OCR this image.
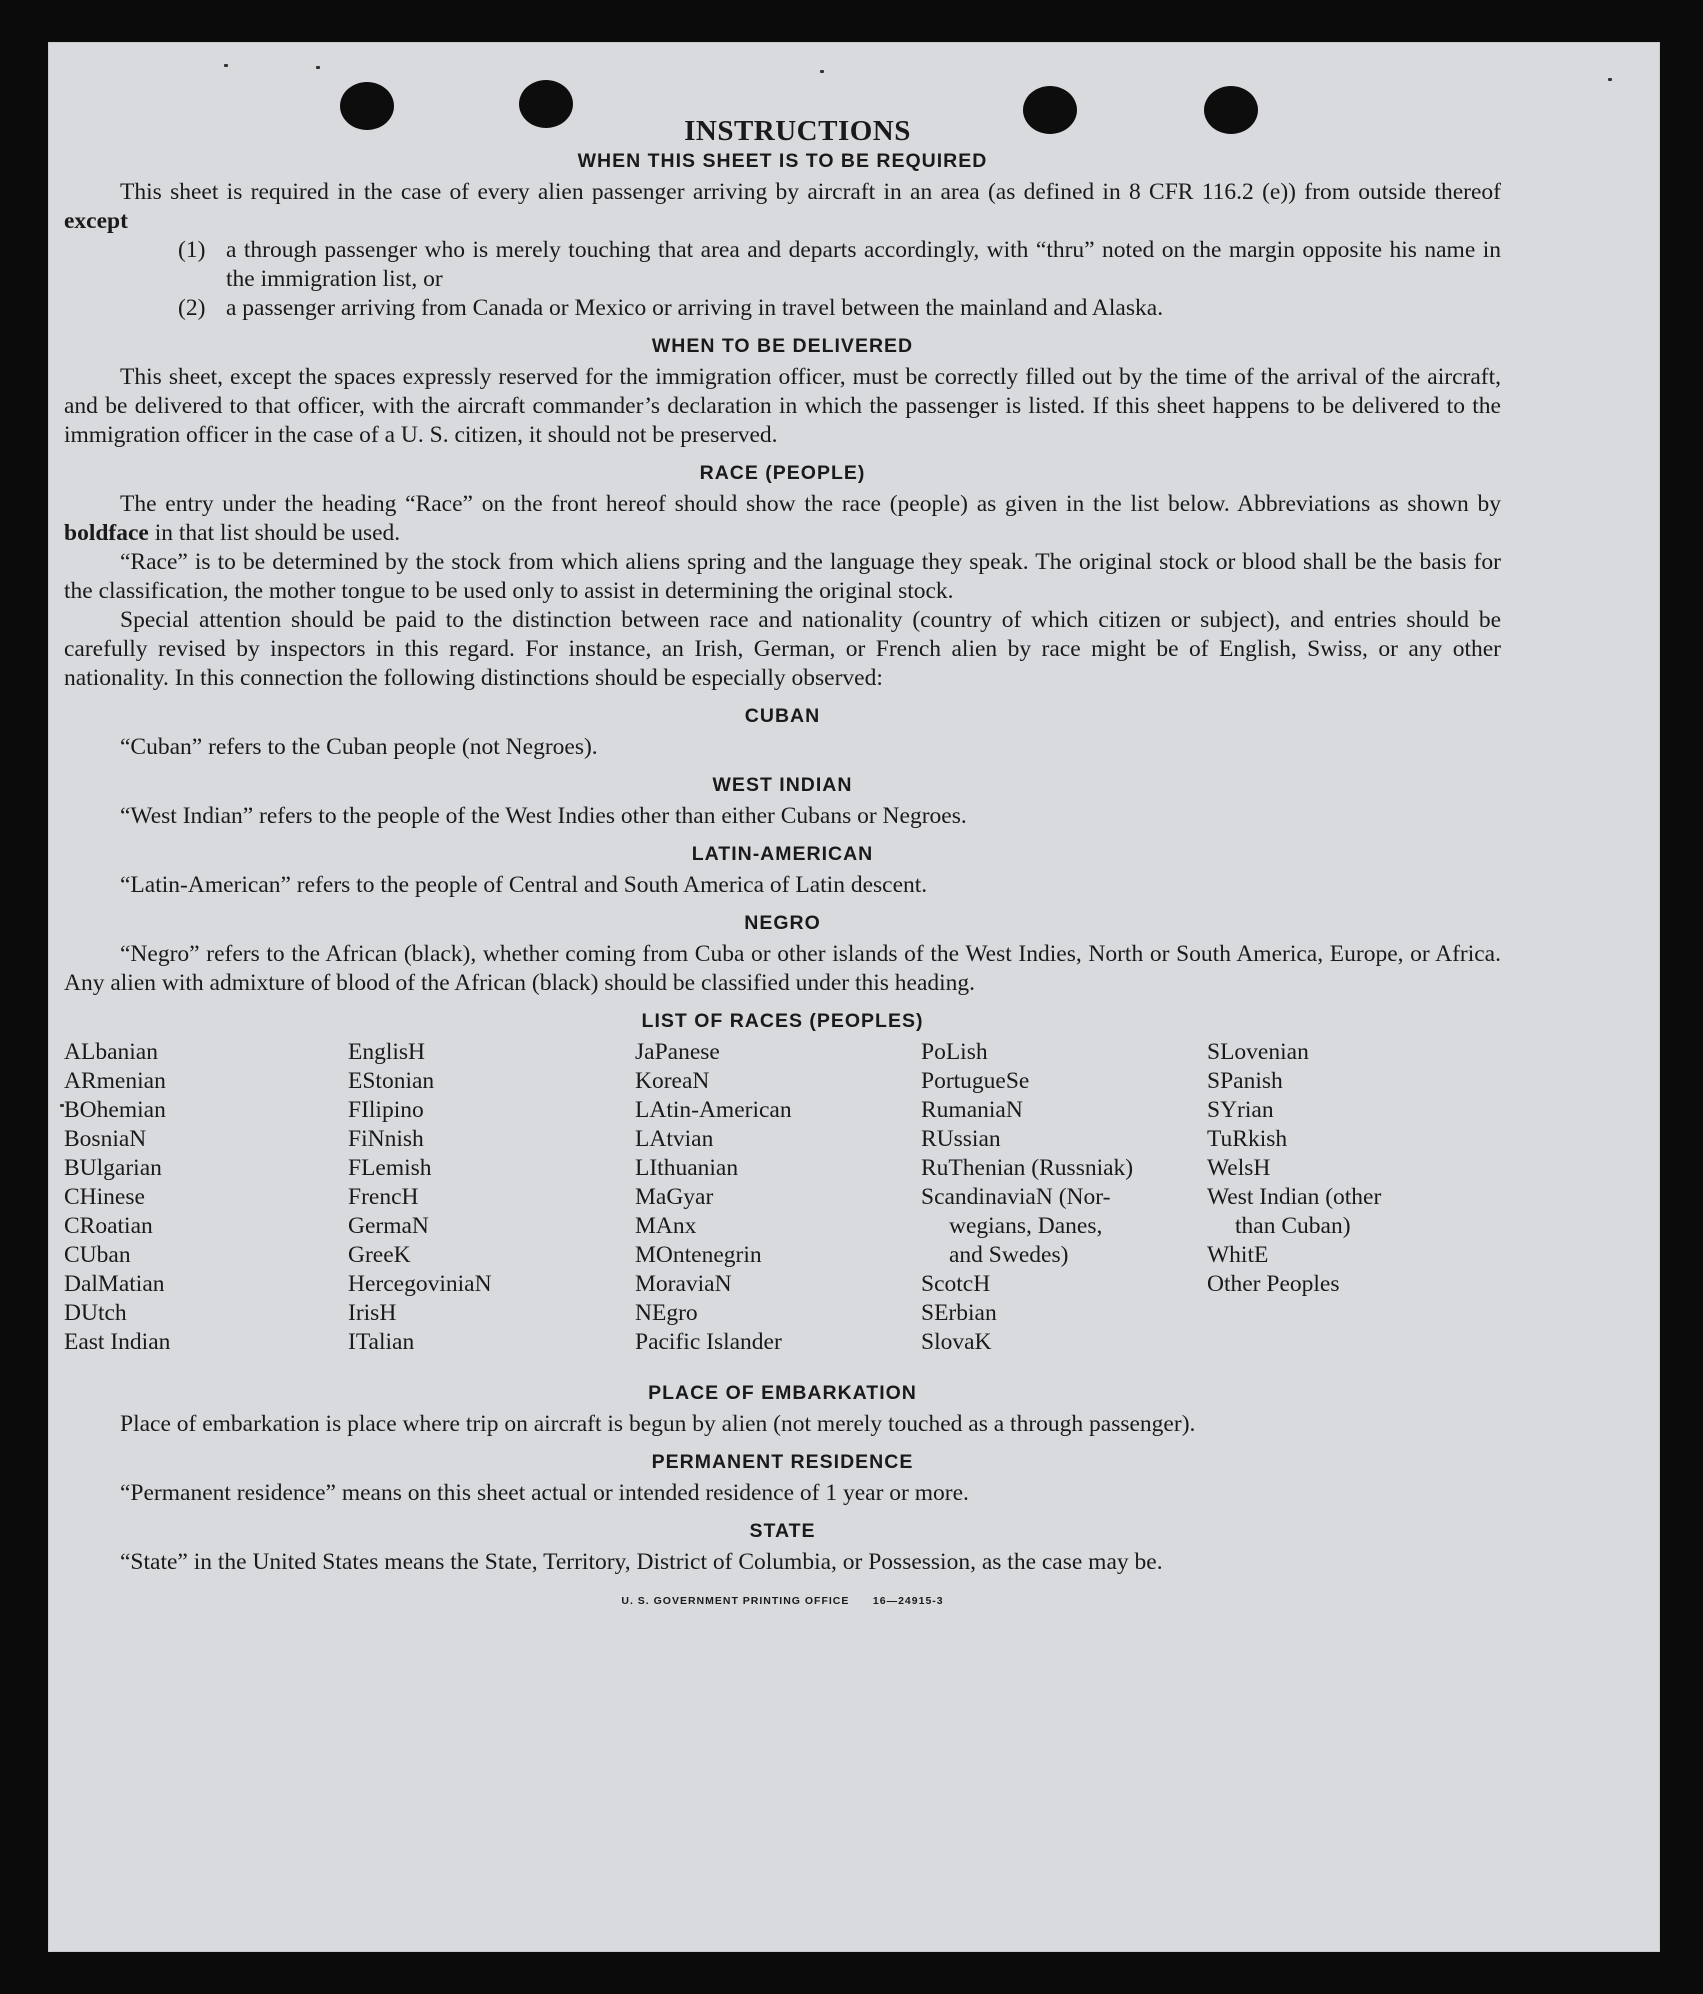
INSTRUCTIONS
WHEN THIS SHEET IS TO BE REQUIRED

This sheet is required in the case of every alien passenger arriving by aircraft in an area (as defined in 8 CFR 116.2 (e)) from outside thereof except

(1) a through passenger who is merely touching that area and departs accordingly, with “thru” noted on the margin opposite his name in the immigration list, or
(2) a passenger arriving from Canada or Mexico or arriving in travel between the mainland and Alaska.
WHEN TO BE DELIVERED

This sheet, except the spaces expressly reserved for the immigration officer, must be correctly filled out by the time of the arrival of the aircraft, and be delivered to that officer, with the aircraft commander’s declaration in which the passenger is listed. If this sheet happens to be delivered to the immigration officer in the case of a U. S. citizen, it should not be preserved.

RACE (PEOPLE)

The entry under the heading “Race” on the front hereof should show the race (people) as given in the list below. Abbreviations as shown by boldface in that list should be used.

“Race” is to be determined by the stock from which aliens spring and the language they speak. The original stock or blood shall be the basis for the classification, the mother tongue to be used only to assist in determining the original stock.

Special attention should be paid to the distinction between race and nationality (country of which citizen or subject), and entries should be carefully revised by inspectors in this regard. For instance, an Irish, German, or French alien by race might be of English, Swiss, or any other nationality. In this connection the following distinctions should be especially observed:

CUBAN
“Cuban” refers to the Cuban people (not Negroes).
WEST INDIAN
“West Indian” refers to the people of the West Indies other than either Cubans or Negroes.
LATIN-AMERICAN
“Latin-American” refers to the people of Central and South America of Latin descent.
NEGRO

“Negro” refers to the African (black), whether coming from Cuba or other islands of the West Indies, North or South America, Europe, or Africa. Any alien with admixture of blood of the African (black) should be classified under this heading.

LIST OF RACES (PEOPLES)
ALbanian
ARmenian
BOhemian
BosniaN
BUlgarian
CHinese
CRoatian
CUban
DalMatian
DUtch
East Indian
EnglisH
EStonian
FIlipino
FiNnish
FLemish
FrencH
GermaN
GreeK
HercegoviniaN
IrisH
ITalian
JaPanese
KoreaN
LAtin-American
LAtvian
LIthuanian
MaGyar
MAnx
MOntenegrin
MoraviaN
NEgro
Pacific Islander
PoLish
PortugueSe
RumaniaN
RUssian
RuThenian (Russniak)
ScandinaviaN (Nor-
wegians, Danes,
and Swedes)
ScotcH
SErbian
SlovaK
SLovenian
SPanish
SYrian
TuRkish
WelsH
West Indian (other
than Cuban)
WhitE
Other Peoples
PLACE OF EMBARKATION

Place of embarkation is place where trip on aircraft is begun by alien (not merely touched as a through passenger).

PERMANENT RESIDENCE
“Permanent residence” means on this sheet actual or intended residence of 1 year or more.
STATE

“State” in the United States means the State, Territory, District of Columbia, or Possession, as the case may be.

U. S. GOVERNMENT PRINTING OFFICE 16—24915-3
